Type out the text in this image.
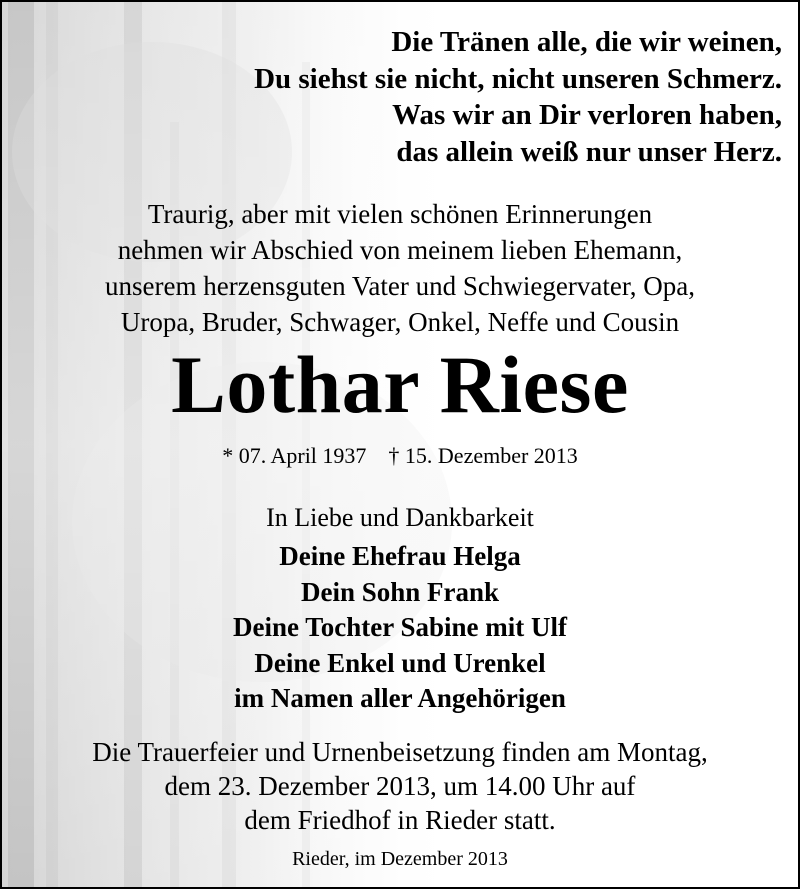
Die Tränen alle, die wir weinen,
Du siehst sie nicht, nicht unseren Schmerz.
Was wir an Dir verloren haben,
das allein weiß nur unser Herz.
Traurig, aber mit vielen schönen Erinnerungen
nehmen wir Abschied von meinem lieben Ehemann,
unserem herzensguten Vater und Schwiegervater, Opa,
Uropa, Bruder, Schwager, Onkel, Neffe und Cousin
Lothar Riese
* 07. April 1937 † 15. Dezember 2013
In Liebe und Dankbarkeit
Deine Ehefrau Helga
Dein Sohn Frank
Deine Tochter Sabine mit Ulf
Deine Enkel und Urenkel
im Namen aller Angehörigen
Die Trauerfeier und Urnenbeisetzung finden am Montag,
dem 23. Dezember 2013, um 14.00 Uhr auf
dem Friedhof in Rieder statt.
Rieder, im Dezember 2013
